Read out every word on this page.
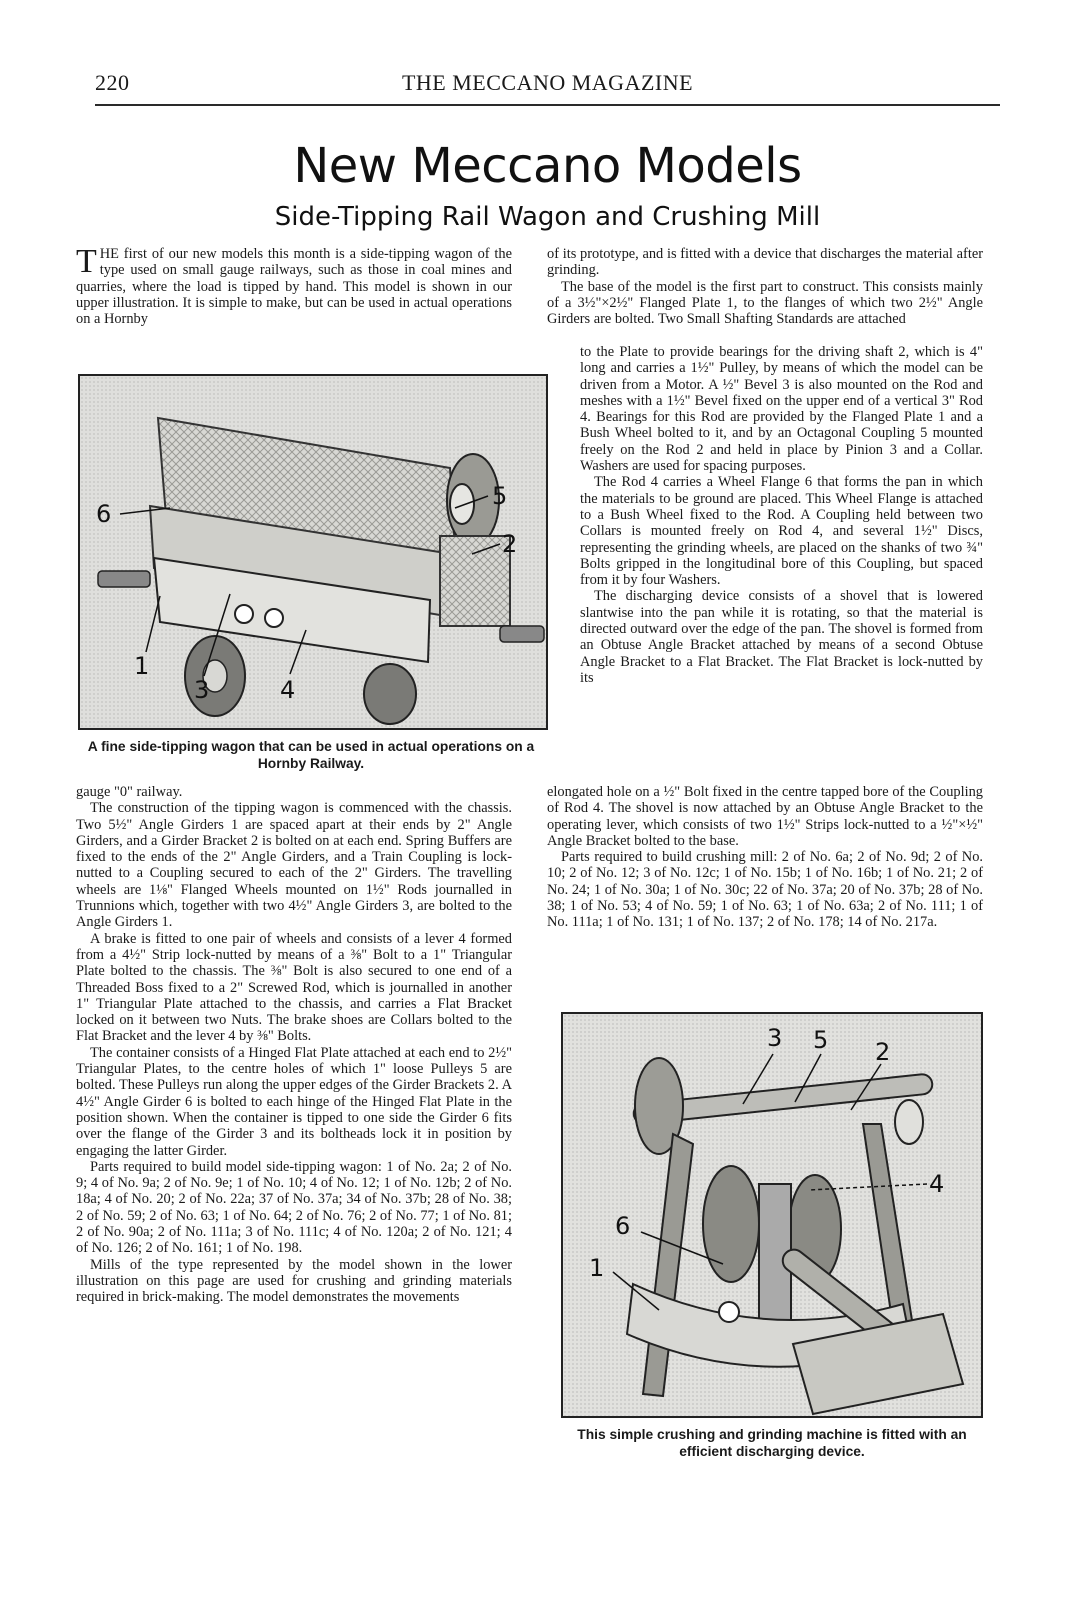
220	THE MECCANO MAGAZINE
New Meccano Models
Side-Tipping Rail Wagon and Crushing Mill

THE first of our new models this month is a side-tipping wagon of the type used on small gauge railways, such as those in coal mines and quarries, where the load is tipped by hand. This model is shown in our upper illustration. It is simple to make, but can be used in actual operations on a Hornby

6
5
2
1
3	4
A fine side-tipping wagon that can be used in actual operations on a Hornby Railway.

gauge "0" railway.

The construction of the tipping wagon is commenced with the chassis. Two 5½" Angle Girders 1 are spaced apart at their ends by 2" Angle Girders, and a Girder Bracket 2 is bolted on at each end. Spring Buffers are fixed to the ends of the 2" Angle Girders, and a Train Coupling is lock-nutted to a Coupling secured to each of the 2" Girders. The travelling wheels are 1⅛" Flanged Wheels mounted on 1½" Rods journalled in Trunnions which, together with two 4½" Angle Girders 3, are bolted to the Angle Girders 1.

A brake is fitted to one pair of wheels and consists of a lever 4 formed from a 4½" Strip lock-nutted by means of a ⅜" Bolt to a 1" Triangular Plate bolted to the chassis. The ⅜" Bolt is also secured to one end of a Threaded Boss fixed to a 2" Screwed Rod, which is journalled in another 1" Triangular Plate attached to the chassis, and carries a Flat Bracket locked on it between two Nuts. The brake shoes are Collars bolted to the Flat Bracket and the lever 4 by ⅜" Bolts.

The container consists of a Hinged Flat Plate attached at each end to 2½" Triangular Plates, to the centre holes of which 1" loose Pulleys 5 are bolted. These Pulleys run along the upper edges of the Girder Brackets 2. A 4½" Angle Girder 6 is bolted to each hinge of the Hinged Flat Plate in the position shown. When the container is tipped to one side the Girder 6 fits over the flange of the Girder 3 and its boltheads lock it in position by engaging the latter Girder.

Parts required to build model side-tipping wagon: 1 of No. 2a; 2 of No. 9; 4 of No. 9a; 2 of No. 9e; 1 of No. 10; 4 of No. 12; 1 of No. 12b; 2 of No. 18a; 4 of No. 20; 2 of No. 22a; 37 of No. 37a; 34 of No. 37b; 28 of No. 38; 2 of No. 59; 2 of No. 63; 1 of No. 64; 2 of No. 76; 2 of No. 77; 1 of No. 81; 2 of No. 90a; 2 of No. 111a; 3 of No. 111c; 4 of No. 120a; 2 of No. 121; 4 of No. 126; 2 of No. 161; 1 of No. 198.

Mills of the type represented by the model shown in the lower illustration on this page are used for crushing and grinding materials required in brick-making. The model demonstrates the movements

of its prototype, and is fitted with a device that discharges the material after grinding.

The base of the model is the first part to construct. This consists mainly of a 3½"×2½" Flanged Plate 1, to the flanges of which two 2½" Angle Girders are bolted. Two Small Shafting Standards are attached

to the Plate to provide bearings for the driving shaft 2, which is 4" long and carries a 1½" Pulley, by means of which the model can be driven from a Motor. A ½" Bevel 3 is also mounted on the Rod and meshes with a 1½" Bevel fixed on the upper end of a vertical 3" Rod 4. Bearings for this Rod are provided by the Flanged Plate 1 and a Bush Wheel bolted to it, and by an Octagonal Coupling 5 mounted freely on the Rod 2 and held in place by Pinion 3 and a Collar. Washers are used for spacing purposes.

The Rod 4 carries a Wheel Flange 6 that forms the pan in which the materials to be ground are placed. This Wheel Flange is attached to a Bush Wheel fixed to the Rod. A Coupling held between two Collars is mounted freely on Rod 4, and several 1½" Discs, representing the grinding wheels, are placed on the shanks of two ¾" Bolts gripped in the longitudinal bore of this Coupling, but spaced from it by four Washers.

The discharging device consists of a shovel that is lowered slantwise into the pan while it is rotating, so that the material is directed outward over the edge of the pan. The shovel is formed from an Obtuse Angle Bracket attached by means of a second Obtuse Angle Bracket to a Flat Bracket. The Flat Bracket is lock-nutted by its

elongated hole on a ½" Bolt fixed in the centre tapped bore of the Coupling of Rod 4. The shovel is now attached by an Obtuse Angle Bracket to the operating lever, which consists of two 1½" Strips lock-nutted to a ½"×½" Angle Bracket bolted to the base.

Parts required to build crushing mill: 2 of No. 6a; 2 of No. 9d; 2 of No. 10; 2 of No. 12; 3 of No. 12c; 1 of No. 15b; 1 of No. 16b; 1 of No. 21; 2 of No. 24; 1 of No. 30a; 1 of No. 30c; 22 of No. 37a; 20 of No. 37b; 28 of No. 38; 1 of No. 53; 4 of No. 59; 1 of No. 63; 1 of No. 63a; 2 of No. 111; 1 of No. 111a; 1 of No. 131; 1 of No. 137; 2 of No. 178; 14 of No. 217a.

3 5 2
4
6
1
This simple crushing and grinding machine is fitted with an efficient discharging device.
